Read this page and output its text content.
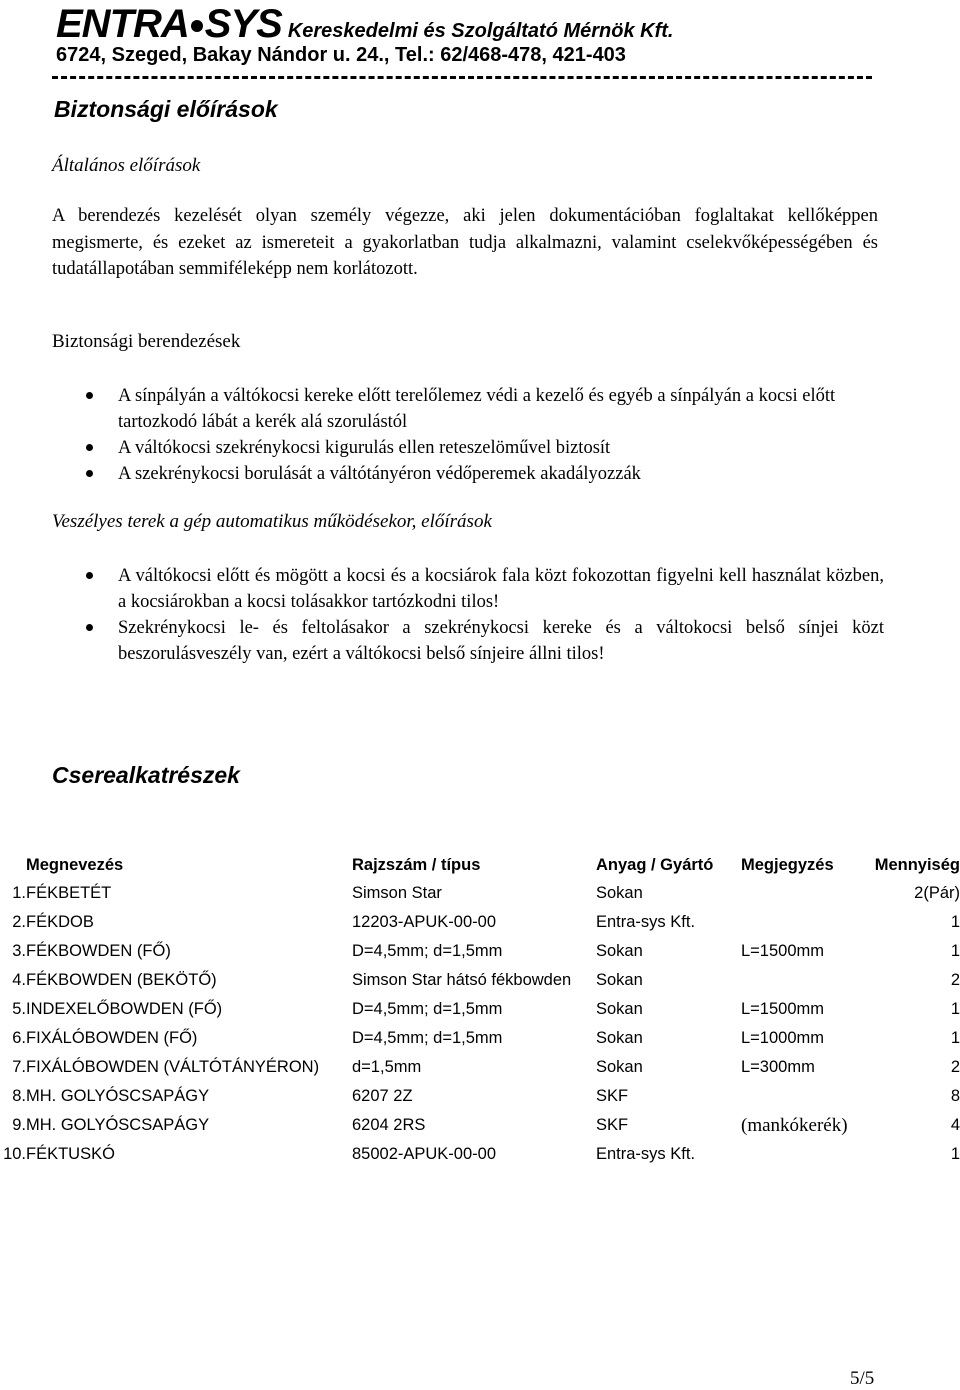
ENTRA SYS Kereskedelmi és Szolgáltató Mérnök Kft.
6724, Szeged, Bakay Nándor u. 24., Tel.: 62/468-478, 421-403
Biztonsági előírások

Általános előírások

A berendezés kezelését olyan személy végezze, aki jelen dokumentációban foglaltakat kellőképpen megismerte, és ezeket az ismereteit a gyakorlatban tudja alkalmazni, valamint cselekvőképességében és tudatállapotában semmiféleképp nem korlátozott.

Biztonsági berendezések
A sínpályán a váltókocsi kereke előtt terelőlemez védi a kezelő és egyéb a sínpályán a kocsi előtt tartozkodó lábát a kerék alá szorulástól
A váltókocsi szekrénykocsi kigurulás ellen reteszelöművel biztosít
A szekrénykocsi borulását a váltótányéron védőperemek akadályozzák

Veszélyes terek a gép automatikus működésekor, előírások

A váltókocsi előtt és mögött a kocsi és a kocsiárok fala közt fokozottan figyelni kell használat közben, a kocsiárokban a kocsi tolásakkor tartózkodni tilos!
Szekrénykocsi le- és feltolásakor a szekrénykocsi kereke és a váltokocsi belső sínjei közt beszorulásveszély van, ezért a váltókocsi belső sínjeire állni tilos!
Cserealkatrészek
	Megnevezés	Rajzszám / típus	Anyag / Gyártó	Megjegyzés	Mennyiség
1.	FÉKBETÉT	Simson Star	Sokan		2(Pár)
2.	FÉKDOB	12203-APUK-00-00	Entra-sys Kft.		1
3.	FÉKBOWDEN (FŐ)	D=4,5mm; d=1,5mm	Sokan	L=1500mm	1
4.	FÉKBOWDEN (BEKÖTŐ)	Simson Star hátsó fékbowden	Sokan		2
5.	INDEXELŐBOWDEN (FŐ)	D=4,5mm; d=1,5mm	Sokan	L=1500mm	1
6.	FIXÁLÓBOWDEN (FŐ)	D=4,5mm; d=1,5mm	Sokan	L=1000mm	1
7.	FIXÁLÓBOWDEN (VÁLTÓTÁNYÉRON)	d=1,5mm	Sokan	L=300mm	2
8.	MH. GOLYÓSCSAPÁGY	6207 2Z	SKF		8
9.	MH. GOLYÓSCSAPÁGY	6204 2RS	SKF	(mankókerék)	4
10.	FÉKTUSKÓ	85002-APUK-00-00	Entra-sys Kft.		1
5/5
